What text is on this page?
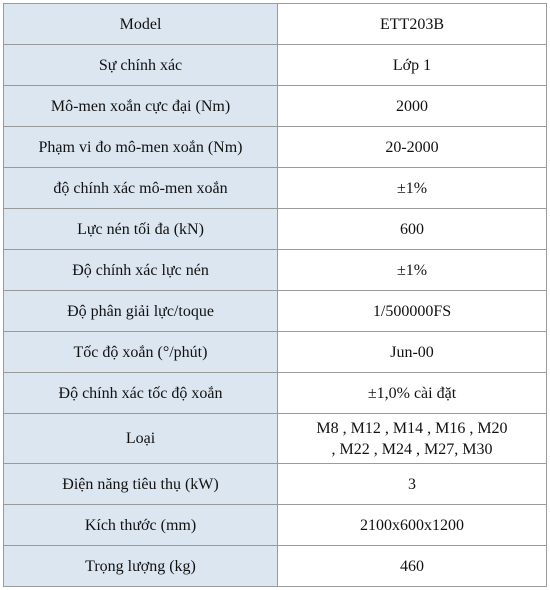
Model	ETT203B
Sự chính xác	Lớp 1
Mô-men xoắn cực đại (Nm)	2000
Phạm vi đo mô-men xoắn (Nm)	20-2000
độ chính xác mô-men xoắn	±1%
Lực nén tối đa (kN)	600
Độ chính xác lực nén	±1%
Độ phân giải lực/toque	1/500000FS
Tốc độ xoắn (°/phút)	Jun-00
Độ chính xác tốc độ xoắn	±1,0% cài đặt
Loại	M8 , M12 , M14 , M16 , M20
, M22 , M24 , M27, M30

Điện năng tiêu thụ (kW)	3
Kích thước (mm)	2100x600x1200
Trọng lượng (kg)	460
